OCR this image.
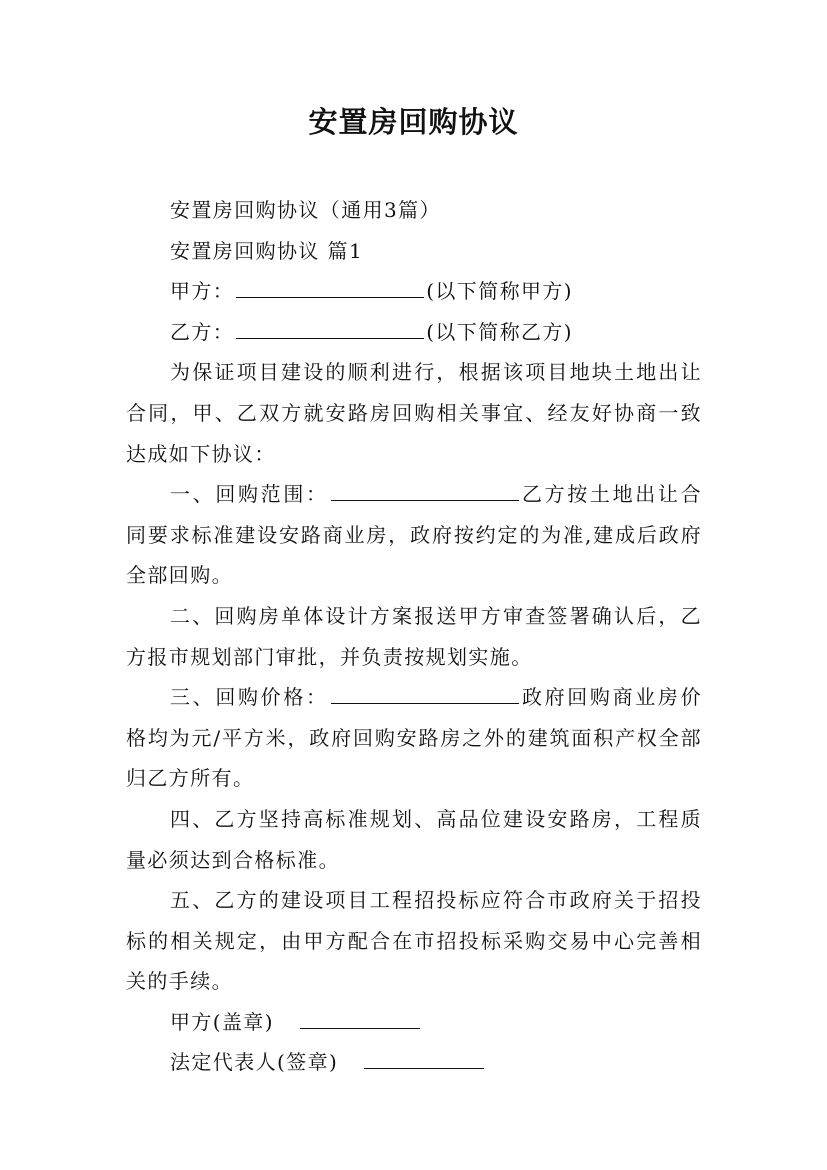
安置房回购协议

安置房回购协议（通用3篇）

安置房回购协议 篇1

甲方：	(以下简称甲方)

乙方：	(以下简称乙方)

为保证项目建设的顺利进行，根据该项目地块土地出让合同，甲、乙双方就安路房回购相关事宜、经友好协商一致达成如下协议：

一、回购范围：	乙方按土地出让合同要求标准建设安路商业房，政府按约定的为准,建成后政府全部回购。

二、回购房单体设计方案报送甲方审查签署确认后，乙方报市规划部门审批，并负责按规划实施。

三、回购价格：	政府回购商业房价格均为元/平方米，政府回购安路房之外的建筑面积产权全部归乙方所有。

四、乙方坚持高标准规划、高品位建设安路房，工程质量必须达到合格标准。

五、乙方的建设项目工程招投标应符合市政府关于招投标的相关规定，由甲方配合在市招投标采购交易中心完善相关的手续。

甲方(盖章)

法定代表人(签章)
